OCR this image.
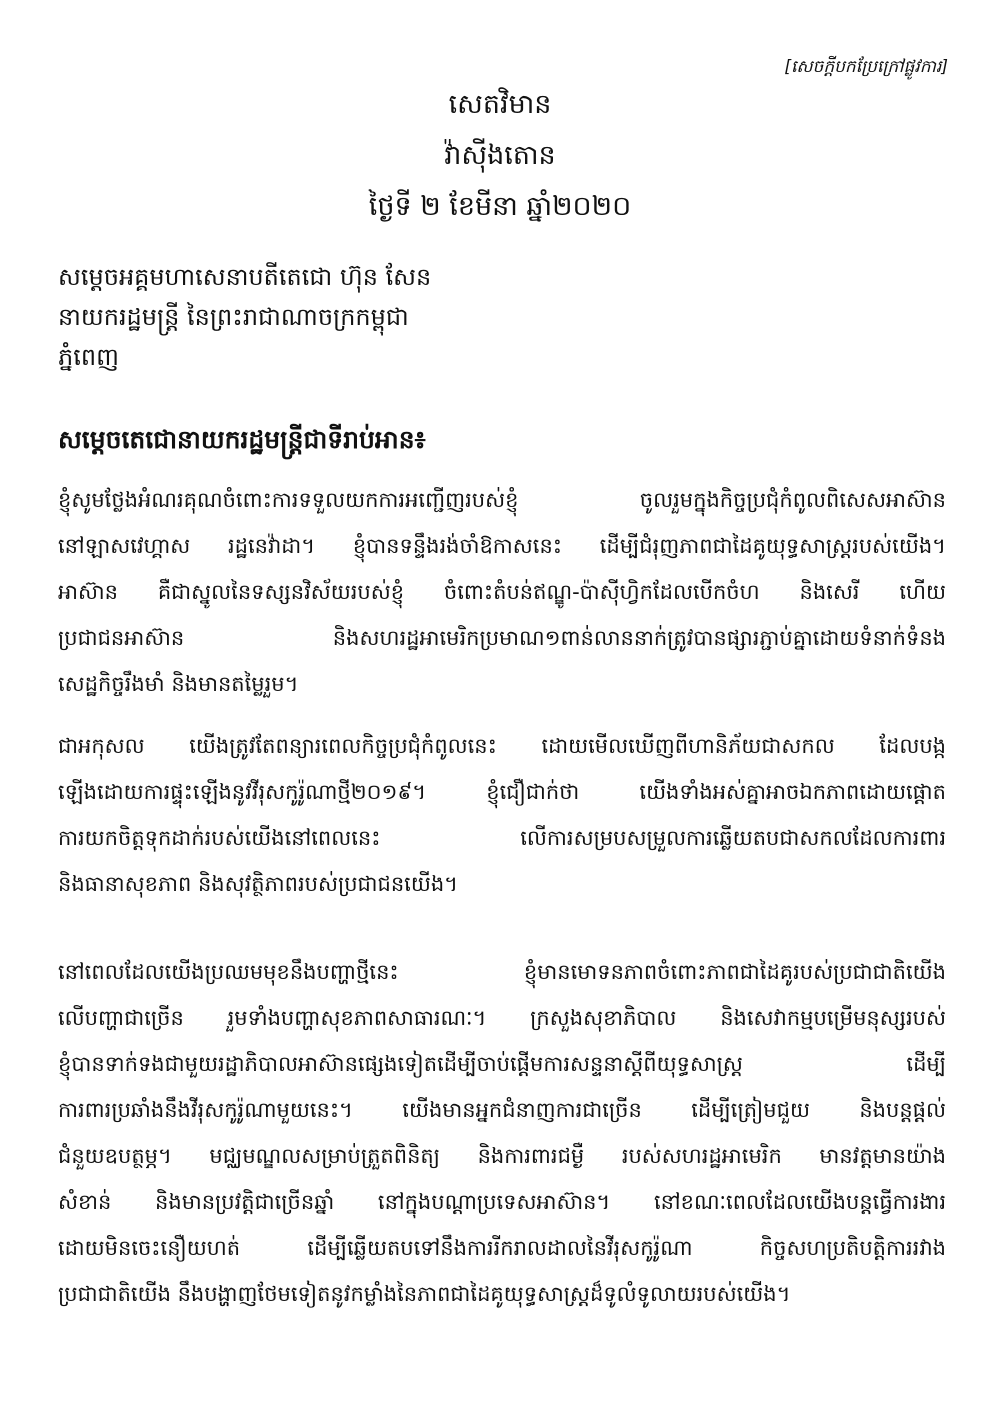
[សេចក្ដីបកប្រែក្រៅផ្លូវការ]
សេតវិមាន
វ៉ាស៊ីងតោន
ថ្ងៃទី ២ ខែមីនា ឆ្នាំ២០២០
សម្ដេចអគ្គមហាសេនាបតីតេជោ ហ៊ុន សែន
នាយករដ្ឋមន្ត្រី នៃព្រះរាជាណាចក្រកម្ពុជា
ភ្នំពេញ
សម្ដេចតេជោនាយករដ្ឋមន្ត្រីជាទីរាប់អាន៖
ខ្ញុំសូមថ្លែងអំណរគុណចំពោះការទទួលយកការអញ្ជើញរបស់ខ្ញុំ ចូលរួមក្នុងកិច្ចប្រជុំកំពូលពិសេសអាស៊ាន
នៅឡាសវេហ្គាស រដ្ឋនេវ៉ាដា។ ខ្ញុំបានទន្ទឹងរង់ចាំឱកាសនេះ ដើម្បីជំរុញភាពជាដៃគូយុទ្ធសាស្ត្ររបស់យើង។
អាស៊ាន គឺជាស្នូលនៃទស្សនវិស័យរបស់ខ្ញុំ ចំពោះតំបន់ឥណ្ឌូ-ប៉ាស៊ីហ្វិកដែលបើកចំហ និងសេរី ហើយ
ប្រជាជនអាស៊ាន និងសហរដ្ឋអាមេរិកប្រមាណ១ពាន់លាននាក់ត្រូវបានផ្សារភ្ជាប់គ្នាដោយទំនាក់ទំនង
សេដ្ឋកិច្ចរឹងមាំ និងមានតម្លៃរួម។
ជាអកុសល យើងត្រូវតែពន្យារពេលកិច្ចប្រជុំកំពូលនេះ ដោយមើលឃើញពីហានិភ័យជាសកល ដែលបង្ក
ឡើងដោយការផ្ទុះឡើងនូវវីរុសកូរ៉ូណាថ្មី២០១៩។ ខ្ញុំជឿជាក់ថា យើងទាំងអស់គ្នាអាចឯកភាពដោយផ្ដោត
ការយកចិត្តទុកដាក់របស់យើងនៅពេលនេះ លើការសម្របសម្រួលការឆ្លើយតបជាសកលដែលការពារ
និងធានាសុខភាព និងសុវត្ថិភាពរបស់ប្រជាជនយើង។
នៅពេលដែលយើងប្រឈមមុខនឹងបញ្ហាថ្មីនេះ ខ្ញុំមានមោទនភាពចំពោះភាពជាដៃគូរបស់ប្រជាជាតិយើង
លើបញ្ហាជាច្រើន រួមទាំងបញ្ហាសុខភាពសាធារណៈ។ ក្រសួងសុខាភិបាល និងសេវាកម្មបម្រើមនុស្សរបស់
ខ្ញុំបានទាក់ទងជាមួយរដ្ឋាភិបាលអាស៊ានផ្សេងទៀតដើម្បីចាប់ផ្ដើមការសន្ទនាស្ដីពីយុទ្ធសាស្ត្រ ដើម្បី
ការពារប្រឆាំងនឹងវីរុសកូរ៉ូណាមួយនេះ។ យើងមានអ្នកជំនាញការជាច្រើន ដើម្បីត្រៀមជួយ និងបន្តផ្ដល់
ជំនួយឧបត្ថម្ភ។ មជ្ឈមណ្ឌលសម្រាប់ត្រួតពិនិត្យ និងការពារជម្ងឺ របស់សហរដ្ឋអាមេរិក មានវត្តមានយ៉ាង
សំខាន់ និងមានប្រវត្តិជាច្រើនឆ្នាំ នៅក្នុងបណ្ដាប្រទេសអាស៊ាន។ នៅខណៈពេលដែលយើងបន្តធ្វើការងារ
ដោយមិនចេះនឿយហត់ ដើម្បីឆ្លើយតបទៅនឹងការរីករាលដាលនៃវីរុសកូរ៉ូណា កិច្ចសហប្រតិបត្តិការរវាង
ប្រជាជាតិយើង នឹងបង្ហាញថែមទៀតនូវកម្លាំងនៃភាពជាដៃគូយុទ្ធសាស្ត្រដ៏ទូលំទូលាយរបស់យើង។
